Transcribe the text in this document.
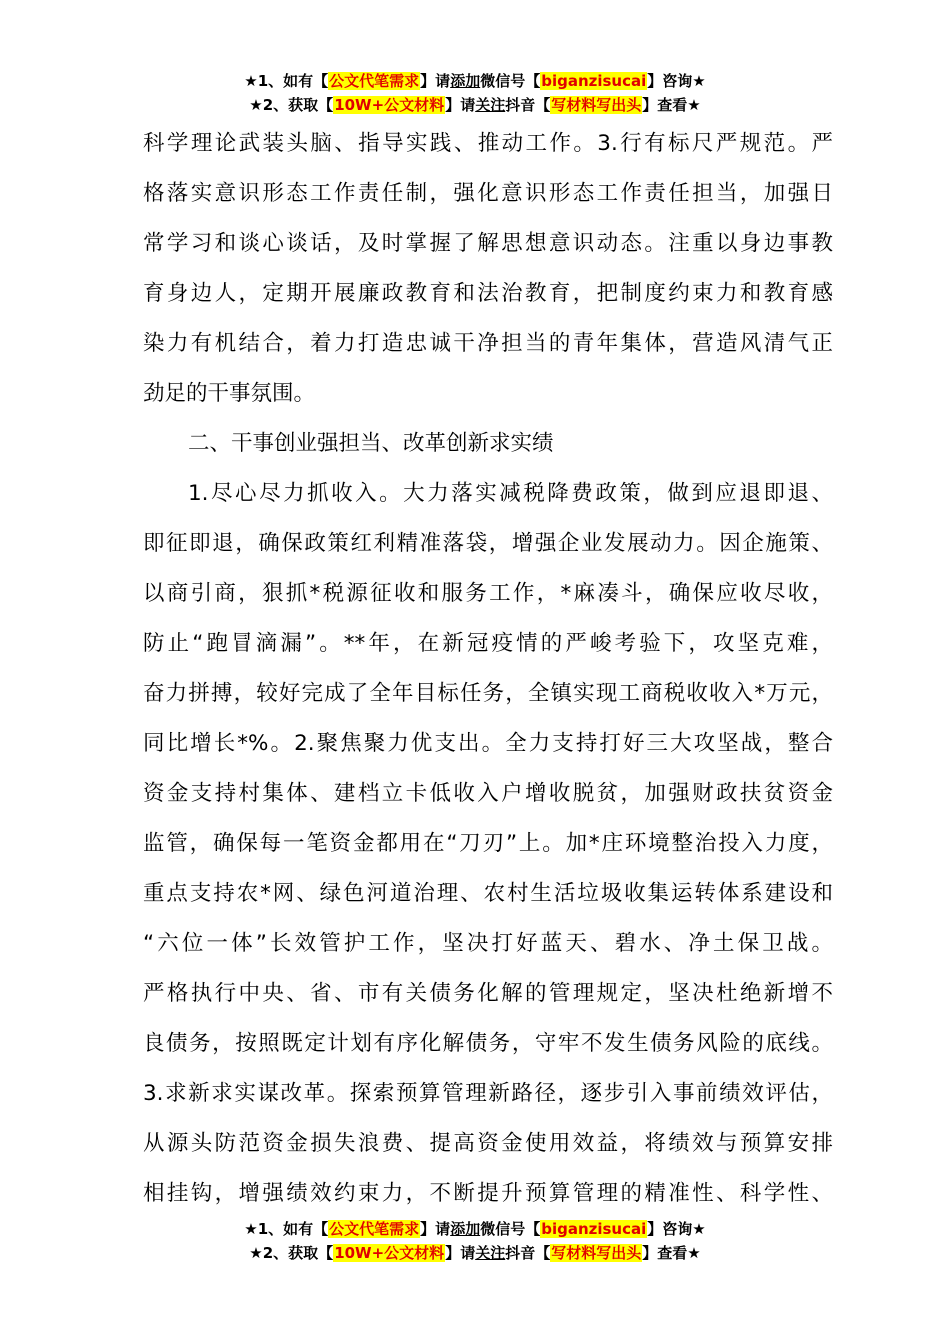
★1、如有【公文代笔需求】请添加微信号【biganzisucai】咨询★
★2、获取【10W+公文材料】请关注抖音【写材料写出头】查看★
科学理论武装头脑、指导实践、推动工作。3.行有标尺严规范。严
格落实意识形态工作责任制，强化意识形态工作责任担当，加强日
常学习和谈心谈话，及时掌握了解思想意识动态。注重以身边事教
育身边人，定期开展廉政教育和法治教育，把制度约束力和教育感
染力有机结合，着力打造忠诚干净担当的青年集体，营造风清气正
劲足的干事氛围。
二、干事创业强担当、改革创新求实绩
1.尽心尽力抓收入。大力落实减税降费政策，做到应退即退、
即征即退，确保政策红利精准落袋，增强企业发展动力。因企施策、
以商引商，狠抓*税源征收和服务工作，*麻凑斗，确保应收尽收，
防止“跑冒滴漏”。**年，在新冠疫情的严峻考验下，攻坚克难，
奋力拼搏，较好完成了全年目标任务，全镇实现工商税收收入*万元，
同比增长*%。2.聚焦聚力优支出。全力支持打好三大攻坚战，整合
资金支持村集体、建档立卡低收入户增收脱贫，加强财政扶贫资金
监管，确保每一笔资金都用在“刀刃”上。加*庄环境整治投入力度，
重点支持农*网、绿色河道治理、农村生活垃圾收集运转体系建设和
“六位一体”长效管护工作，坚决打好蓝天、碧水、净土保卫战。
严格执行中央、省、市有关债务化解的管理规定，坚决杜绝新增不
良债务，按照既定计划有序化解债务，守牢不发生债务风险的底线。
3.求新求实谋改革。探索预算管理新路径，逐步引入事前绩效评估，
从源头防范资金损失浪费、提高资金使用效益，将绩效与预算安排
相挂钩，增强绩效约束力，不断提升预算管理的精准性、科学性、
★1、如有【公文代笔需求】请添加微信号【biganzisucai】咨询★
★2、获取【10W+公文材料】请关注抖音【写材料写出头】查看★
